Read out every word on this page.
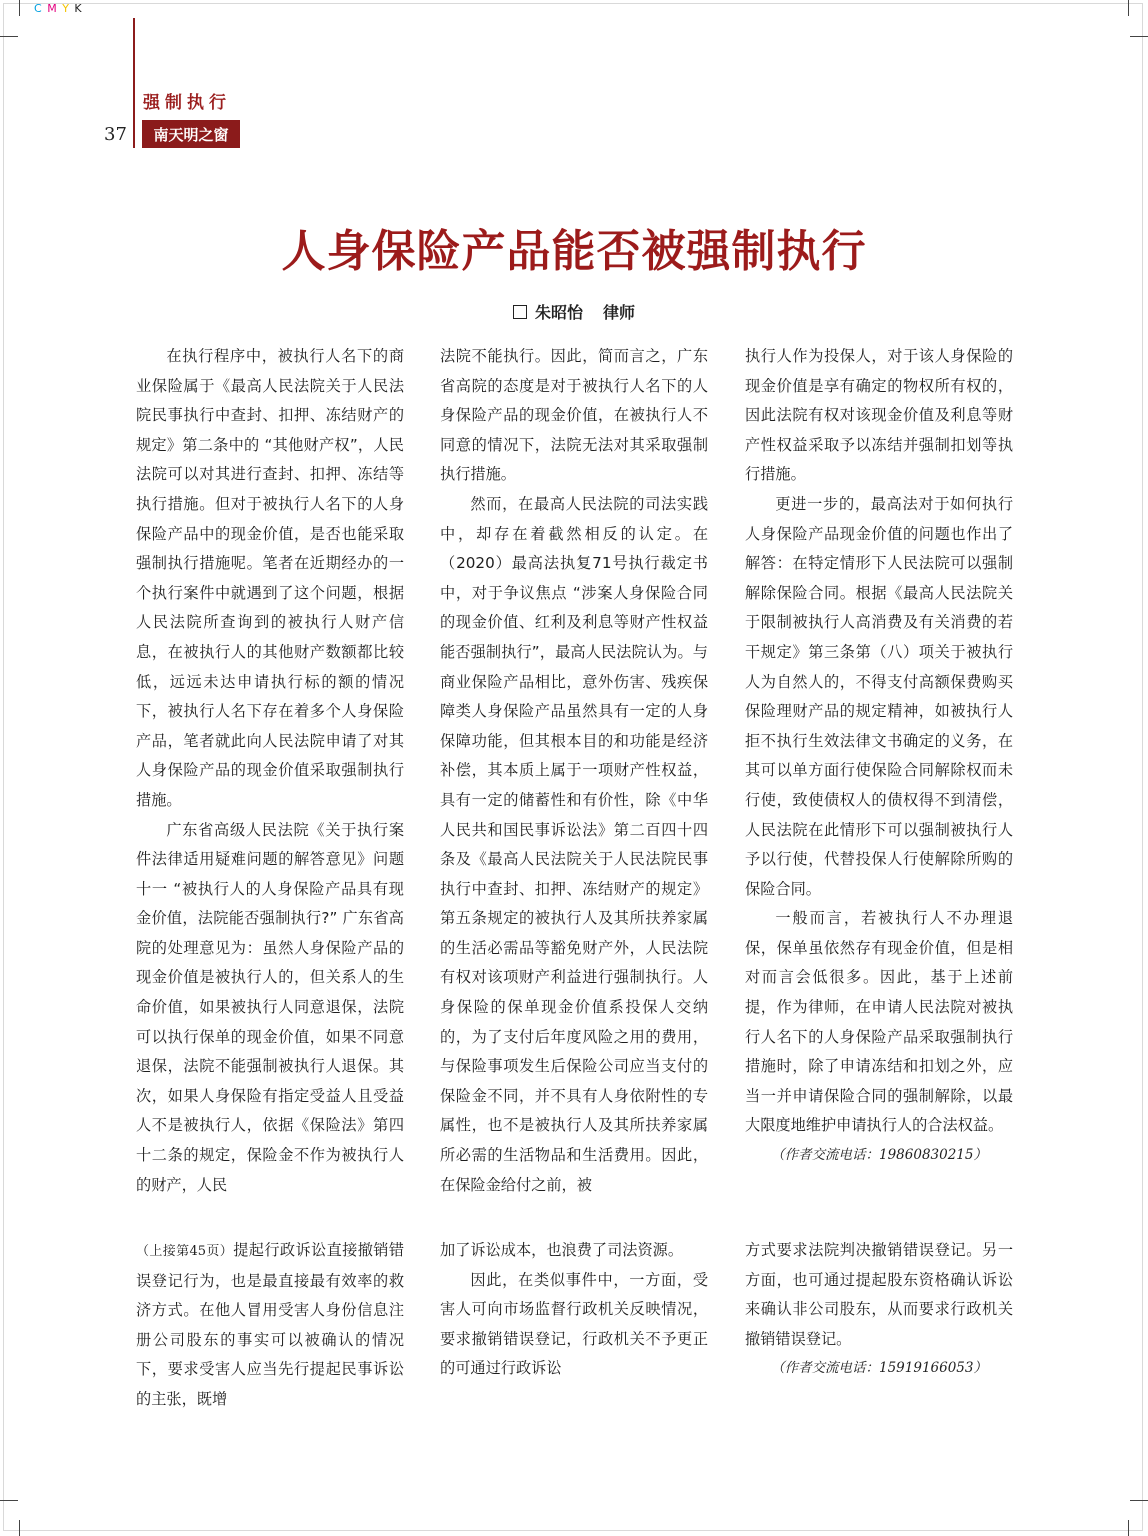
C M Y K
强制执行
37	南天明之窗
人身保险产品能否被强制执行
朱昭怡 律师

在执行程序中，被执行人名下的商业保险属于《最高人民法院关于人民法院民事执行中查封、扣押、冻结财产的规定》第二条中的 “其他财产权”，人民法院可以对其进行查封、扣押、冻结等执行措施。但对于被执行人名下的人身保险产品中的现金价值，是否也能采取强制执行措施呢。笔者在近期经办的一个执行案件中就遇到了这个问题，根据人民法院所查询到的被执行人财产信息，在被执行人的其他财产数额都比较低，远远未达申请执行标的额的情况下，被执行人名下存在着多个人身保险产品，笔者就此向人民法院申请了对其人身保险产品的现金价值采取强制执行措施。

广东省高级人民法院《关于执行案件法律适用疑难问题的解答意见》问题十一 “被执行人的人身保险产品具有现金价值，法院能否强制执行?” 广东省高院的处理意见为：虽然人身保险产品的现金价值是被执行人的，但关系人的生命价值，如果被执行人同意退保，法院可以执行保单的现金价值，如果不同意退保，法院不能强制被执行人退保。其次，如果人身保险有指定受益人且受益人不是被执行人，依据《保险法》第四十二条的规定，保险金不作为被执行人的财产，人民

法院不能执行。因此，简而言之，广东省高院的态度是对于被执行人名下的人身保险产品的现金价值，在被执行人不同意的情况下，法院无法对其采取强制执行措施。

然而，在最高人民法院的司法实践中，却存在着截然相反的认定。在（2020）最高法执复71号执行裁定书中，对于争议焦点 “涉案人身保险合同的现金价值、红利及利息等财产性权益能否强制执行”，最高人民法院认为。与商业保险产品相比，意外伤害、残疾保障类人身保险产品虽然具有一定的人身保障功能，但其根本目的和功能是经济补偿，其本质上属于一项财产性权益，具有一定的储蓄性和有价性，除《中华人民共和国民事诉讼法》第二百四十四条及《最高人民法院关于人民法院民事执行中查封、扣押、冻结财产的规定》第五条规定的被执行人及其所扶养家属的生活必需品等豁免财产外，人民法院有权对该项财产利益进行强制执行。人身保险的保单现金价值系投保人交纳的，为了支付后年度风险之用的费用，与保险事项发生后保险公司应当支付的保险金不同，并不具有人身依附性的专属性，也不是被执行人及其所扶养家属所必需的生活物品和生活费用。因此，在保险金给付之前，被

执行人作为投保人，对于该人身保险的现金价值是享有确定的物权所有权的，因此法院有权对该现金价值及利息等财产性权益采取予以冻结并强制扣划等执行措施。

更进一步的，最高法对于如何执行人身保险产品现金价值的问题也作出了解答：在特定情形下人民法院可以强制解除保险合同。根据《最高人民法院关于限制被执行人高消费及有关消费的若干规定》第三条第（八）项关于被执行人为自然人的，不得支付高额保费购买保险理财产品的规定精神，如被执行人拒不执行生效法律文书确定的义务，在其可以单方面行使保险合同解除权而未行使，致使债权人的债权得不到清偿，人民法院在此情形下可以强制被执行人予以行使，代替投保人行使解除所购的保险合同。

一般而言，若被执行人不办理退保，保单虽依然存有现金价值，但是相对而言会低很多。因此，基于上述前提，作为律师，在申请人民法院对被执行人名下的人身保险产品采取强制执行措施时，除了申请冻结和扣划之外，应当一并申请保险合同的强制解除，以最大限度地维护申请执行人的合法权益。

（作者交流电话：19860830215）

（上接第45页）提起行政诉讼直接撤销错误登记行为，也是最直接最有效率的救济方式。在他人冒用受害人身份信息注册公司股东的事实可以被确认的情况下，要求受害人应当先行提起民事诉讼的主张，既增

加了诉讼成本，也浪费了司法资源。

因此，在类似事件中，一方面，受害人可向市场监督行政机关反映情况，要求撤销错误登记，行政机关不予更正的可通过行政诉讼

方式要求法院判决撤销错误登记。另一方面，也可通过提起股东资格确认诉讼来确认非公司股东，从而要求行政机关撤销错误登记。

（作者交流电话：15919166053）
